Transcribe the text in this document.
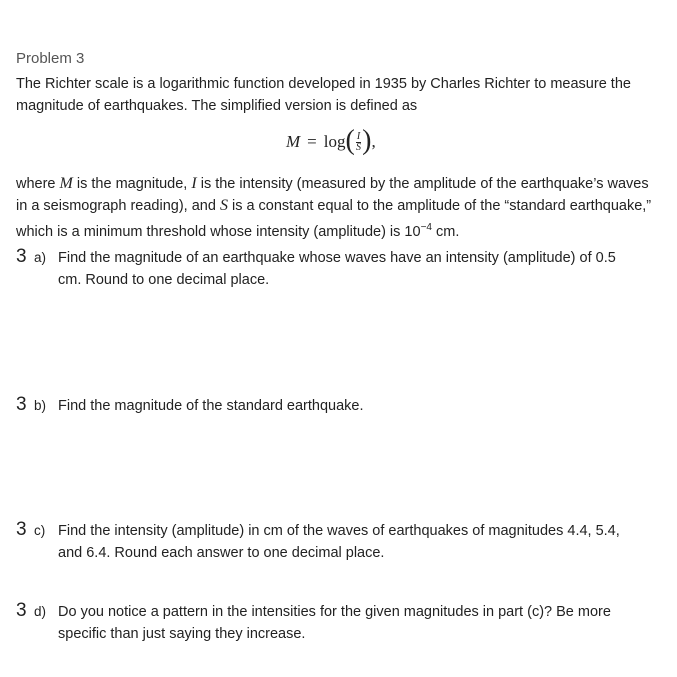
Problem 3
The Richter scale is a logarithmic function developed in 1935 by Charles Richter to measure the magnitude of earthquakes. The simplified version is defined as
M = log ( $\frac{I}{S}$ ) ,
where M is the magnitude, I is the intensity (measured by the amplitude of the earthquake’s waves in a seismograph reading), and S is a constant equal to the amplitude of the “standard earthquake,” which is a minimum threshold whose intensity (amplitude) is $10^{-4}$ cm.
3 a) Find the magnitude of an earthquake whose waves have an intensity (amplitude) of 0.5
cm. Round to one decimal place.
3 b) Find the magnitude of the standard earthquake.
3 c) Find the intensity (amplitude) in cm of the waves of earthquakes of magnitudes 4.4, 5.4,
and 6.4. Round each answer to one decimal place.
3 d) Do you notice a pattern in the intensities for the given magnitudes in part (c)? Be more
specific than just saying they increase.
